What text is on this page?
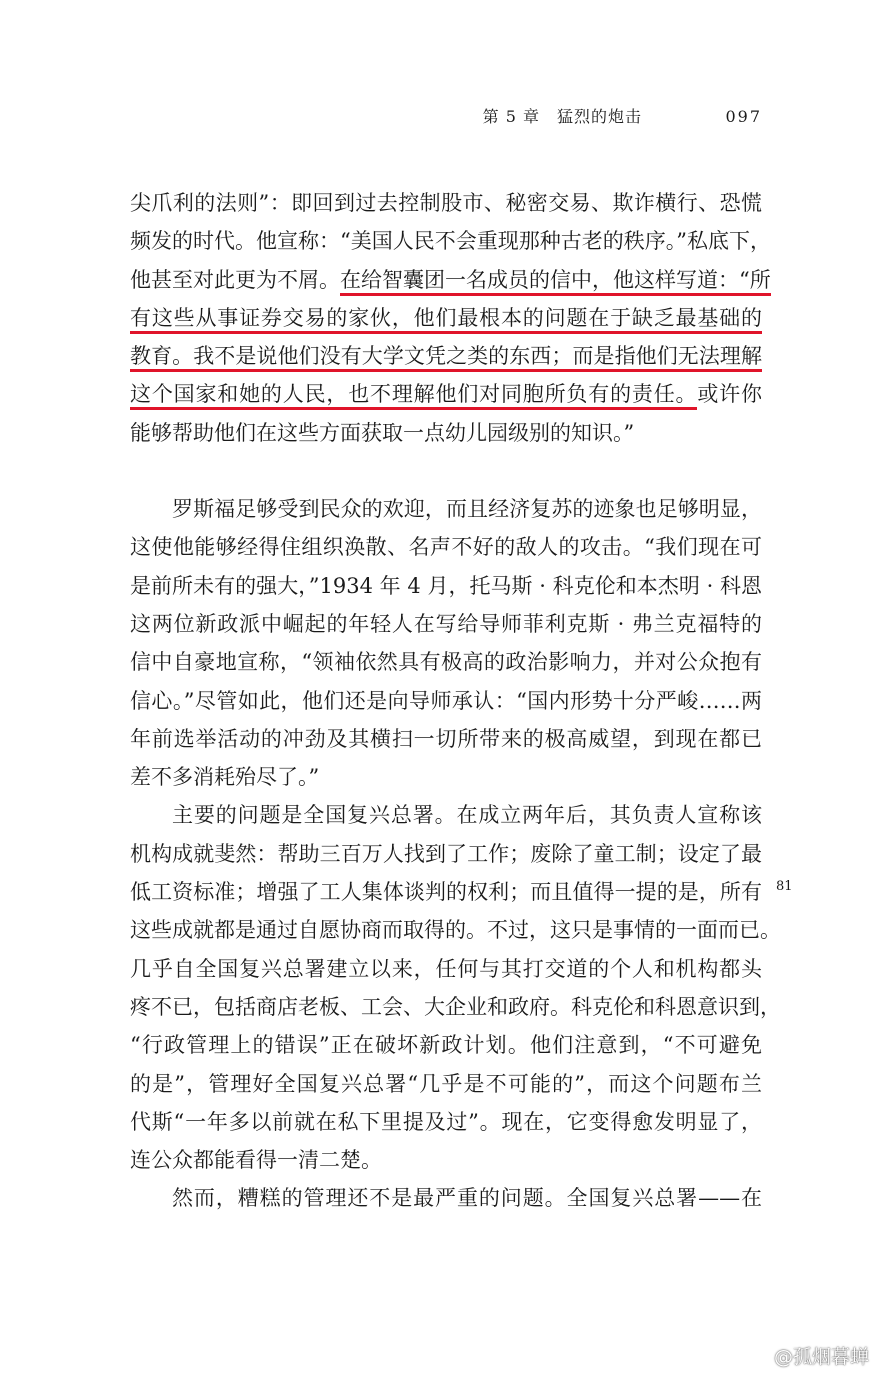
第 5 章　猛烈的炮击	097
尖爪利的法则”：即回到过去控制股市、秘密交易、欺诈横行、恐慌
频发的时代。他宣称：“美国人民不会重现那种古老的秩序。”私底下，
他甚至对此更为不屑。在给智囊团一名成员的信中，他这样写道：“所
有这些从事证券交易的家伙，他们最根本的问题在于缺乏最基础的
教育。我不是说他们没有大学文凭之类的东西；而是指他们无法理解
这个国家和她的人民，也不理解他们对同胞所负有的责任。或许你
能够帮助他们在这些方面获取一点幼儿园级别的知识。”
罗斯福足够受到民众的欢迎，而且经济复苏的迹象也足够明显，
这使他能够经得住组织涣散、名声不好的敌人的攻击。“我们现在可
是前所未有的强大，”1934 年 4 月，托马斯 · 科克伦和本杰明 · 科恩
这两位新政派中崛起的年轻人在写给导师菲利克斯 · 弗兰克福特的
信中自豪地宣称，“领袖依然具有极高的政治影响力，并对公众抱有
信心。”尽管如此，他们还是向导师承认：“国内形势十分严峻……两
年前选举活动的冲劲及其横扫一切所带来的极高威望，到现在都已
差不多消耗殆尽了。”
主要的问题是全国复兴总署。在成立两年后，其负责人宣称该
机构成就斐然：帮助三百万人找到了工作；废除了童工制；设定了最
低工资标准；增强了工人集体谈判的权利；而且值得一提的是，所有
这些成就都是通过自愿协商而取得的。不过，这只是事情的一面而已。
几乎自全国复兴总署建立以来，任何与其打交道的个人和机构都头
疼不已，包括商店老板、工会、大企业和政府。科克伦和科恩意识到，
“行政管理上的错误”正在破坏新政计划。他们注意到，“不可避免
的是”，管理好全国复兴总署“几乎是不可能的”，而这个问题布兰
代斯“一年多以前就在私下里提及过”。现在，它变得愈发明显了，
连公众都能看得一清二楚。
然而，糟糕的管理还不是最严重的问题。全国复兴总署——在
81
@孤烟暮蝉
